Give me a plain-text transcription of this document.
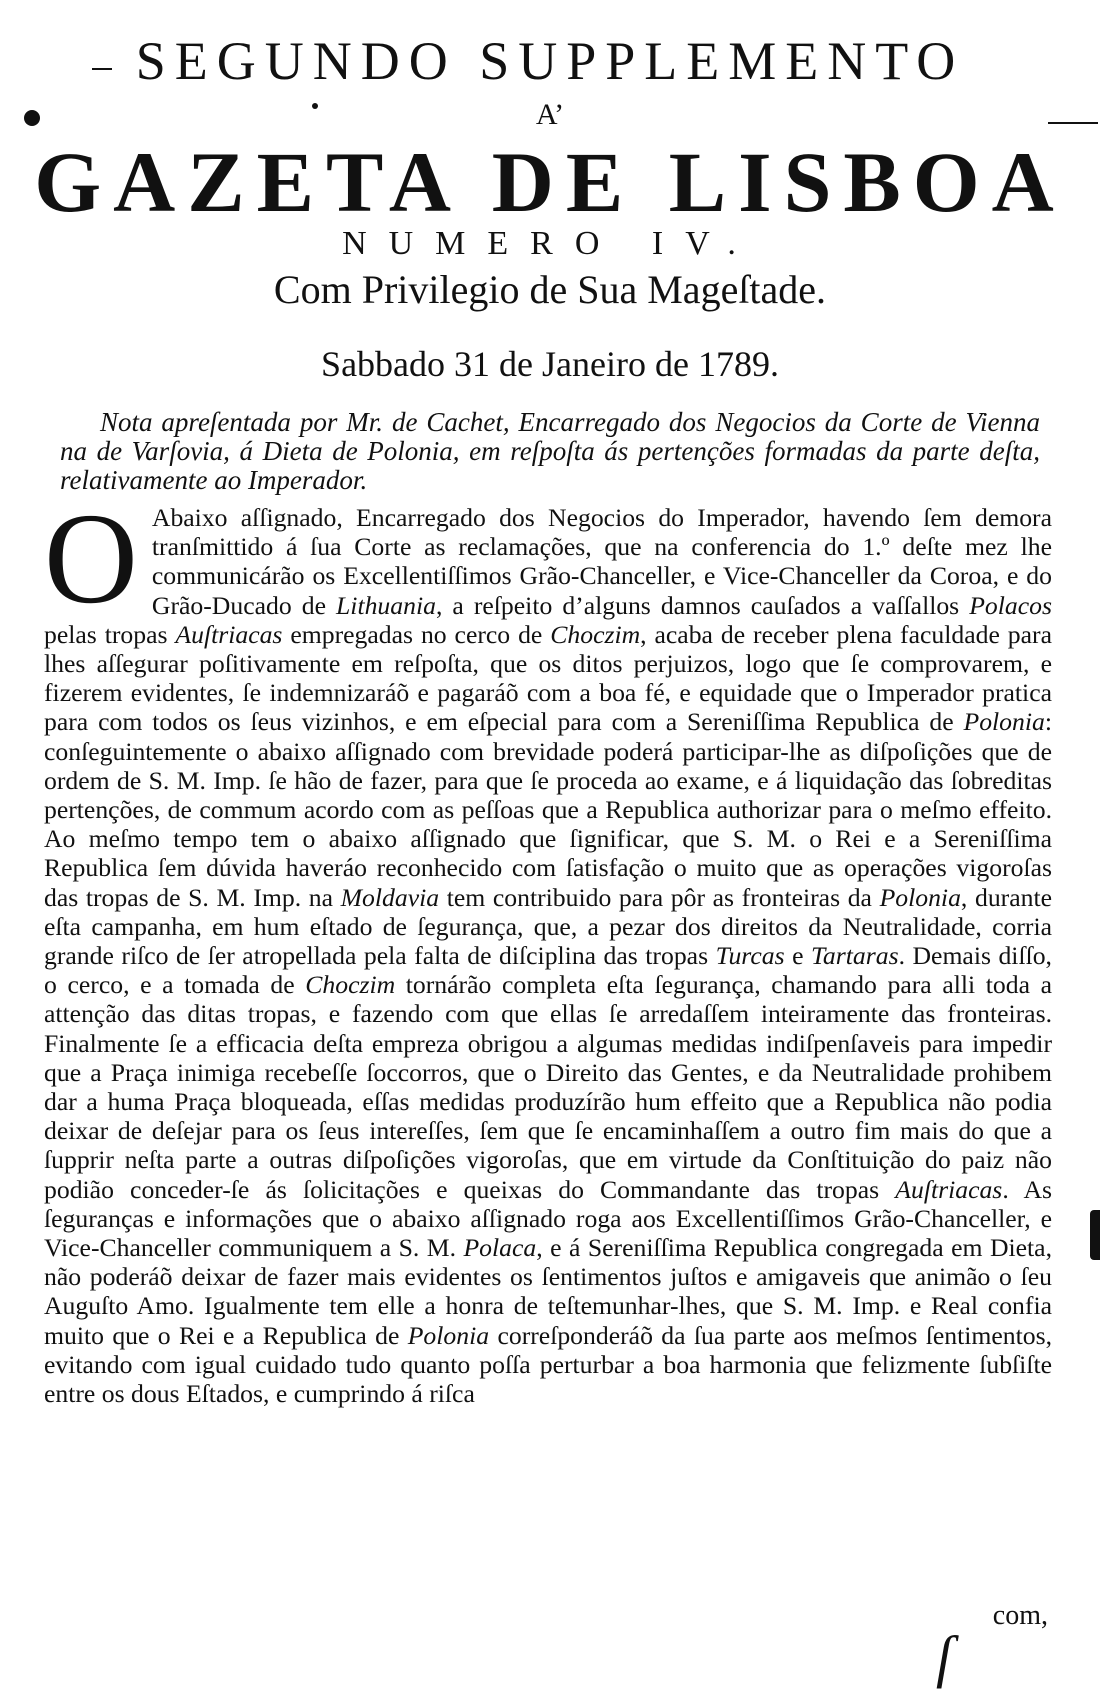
SEGUNDO SUPPLEMENTO
A’
GAZETA DE LISBOA
NUMERO IV.
Com Privilegio de Sua Mageſtade.
Sabbado 31 de Janeiro de 1789.
Nota apreſentada por Mr. de Cachet, Encarregado dos Negocios da Corte de Vienna na de Varſovia, á Dieta de Polonia, em reſpoſta ás pertenções formadas da parte deſta, relativamente ao Imperador.
O Abaixo aſſignado, Encarregado dos Negocios do Imperador, havendo ſem demora tranſmittido á ſua Corte as reclamações, que na conferencia do 1.º deſte mez lhe communicárão os Excellentiſſimos Grão-Chanceller, e Vice-Chanceller da Coroa, e do Grão-Ducado de Lithuania, a reſpeito d’alguns damnos cauſados a vaſſallos Polacos pelas tropas Auſtriacas empregadas no cerco de Choczim, acaba de receber plena faculdade para lhes aſſegurar poſitivamente em reſpoſta, que os ditos perjuizos, logo que ſe comprovarem, e fizerem evidentes, ſe indemnizaráõ e pagaráõ com a boa fé, e equidade que o Imperador pratica para com todos os ſeus vizinhos, e em eſpecial para com a Sereniſſima Republica de Polonia: conſeguintemente o abaixo aſſignado com brevidade poderá participar-lhe as diſpoſições que de ordem de S. M. Imp. ſe hão de fazer, para que ſe proceda ao exame, e á liquidação das ſobreditas pertenções, de commum acordo com as peſſoas que a Republica authorizar para o meſmo effeito. Ao meſmo tempo tem o abaixo aſſignado que ſignificar, que S. M. o Rei e a Sereniſſima Republica ſem dúvida haveráo reconhecido com ſatisfação o muito que as operações vigoroſas das tropas de S. M. Imp. na Moldavia tem contribuido para pôr as fronteiras da Polonia, durante eſta campanha, em hum eſtado de ſegurança, que, a pezar dos direitos da Neutralidade, corria grande riſco de ſer atropellada pela falta de diſciplina das tropas Turcas e Tartaras. Demais diſſo, o cerco, e a tomada de Choczim tornárão completa eſta ſegurança, chamando para alli toda a attenção das ditas tropas, e fazendo com que ellas ſe arredaſſem inteiramente das fronteiras. Finalmente ſe a efficacia deſta empreza obrigou a algumas medidas indiſpenſaveis para impedir que a Praça inimiga recebeſſe ſoccorros, que o Direito das Gentes, e da Neutralidade prohibem dar a huma Praça bloqueada, eſſas medidas produzírão hum effeito que a Republica não podia deixar de deſejar para os ſeus intereſſes, ſem que ſe encaminhaſſem a outro fim mais do que a ſupprir neſta parte a outras diſpoſições vigoroſas, que em virtude da Conſtituição do paiz não podião conceder-ſe ás ſolicitações e queixas do Commandante das tropas Auſtriacas. As ſeguranças e informações que o abaixo aſſignado roga aos Excellentiſſimos Grão-Chanceller, e Vice-Chanceller communiquem a S. M. Polaca, e á Sereniſſima Republica congregada em Dieta, não poderáõ deixar de fazer mais evidentes os ſentimentos juſtos e amigaveis que animão o ſeu Auguſto Amo. Igualmente tem elle a honra de teſtemunhar-lhes, que S. M. Imp. e Real confia muito que o Rei e a Republica de Polonia correſponderáõ da ſua parte aos meſmos ſentimentos, evitando com igual cuidado tudo quanto poſſa perturbar a boa harmonia que felizmente ſubſiſte entre os dous Eſtados, e cumprindo á riſca
com,
ſ
